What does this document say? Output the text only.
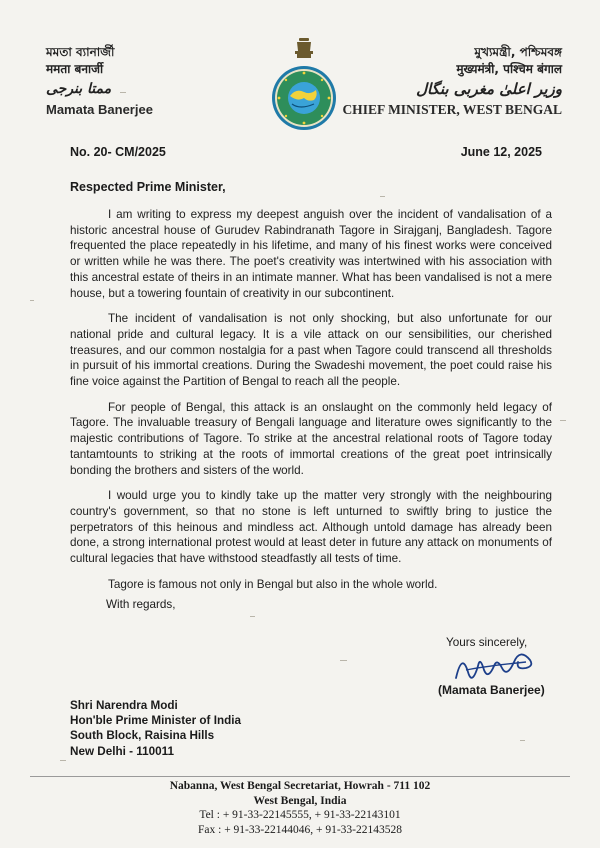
মমতা ব্যানার্জী
ममता बनार्जी
ممتا بنرجی
Mamata Banerjee
মুখ্যমন্ত্রী, পশ্চিমবঙ্গ
मुख्यमंत्री, पश्चिम बंगाल
وزیر اعلیٰ مغربی بنگال
CHIEF MINISTER, WEST BENGAL
No. 20- CM/2025	June 12, 2025
Respected Prime Minister,

I am writing to express my deepest anguish over the incident of vandalisation of a historic ancestral house of Gurudev Rabindranath Tagore in Sirajganj, Bangladesh. Tagore frequented the place repeatedly in his lifetime, and many of his finest works were conceived or written while he was there. The poet's creativity was intertwined with his association with this ancestral estate of theirs in an intimate manner. What has been vandalised is not a mere house, but a towering fountain of creativity in our subcontinent.

The incident of vandalisation is not only shocking, but also unfortunate for our national pride and cultural legacy. It is a vile attack on our sensibilities, our cherished treasures, and our common nostalgia for a past when Tagore could transcend all thresholds in pursuit of his immortal creations. During the Swadeshi movement, the poet could raise his fine voice against the Partition of Bengal to reach all the people.

For people of Bengal, this attack is an onslaught on the commonly held legacy of Tagore. The invaluable treasury of Bengali language and literature owes significantly to the majestic contributions of Tagore. To strike at the ancestral relational roots of Tagore today tantamtounts to striking at the roots of immortal creations of the great poet intrinsically bonding the brothers and sisters of the world.

I would urge you to kindly take up the matter very strongly with the neighbouring country's government, so that no stone is left unturned to swiftly bring to justice the perpetrators of this heinous and mindless act. Although untold damage has already been done, a strong international protest would at least deter in future any attack on monuments of cultural legacies that have withstood steadfastly all tests of time.

Tagore is famous not only in Bengal but also in the whole world.

With regards,
Yours sincerely,
(Mamata Banerjee)
Shri Narendra Modi
Hon'ble Prime Minister of India
South Block, Raisina Hills
New Delhi - 110011
Nabanna, West Bengal Secretariat, Howrah - 711 102
West Bengal, India
Tel : + 91-33-22145555, + 91-33-22143101
Fax : + 91-33-22144046, + 91-33-22143528
